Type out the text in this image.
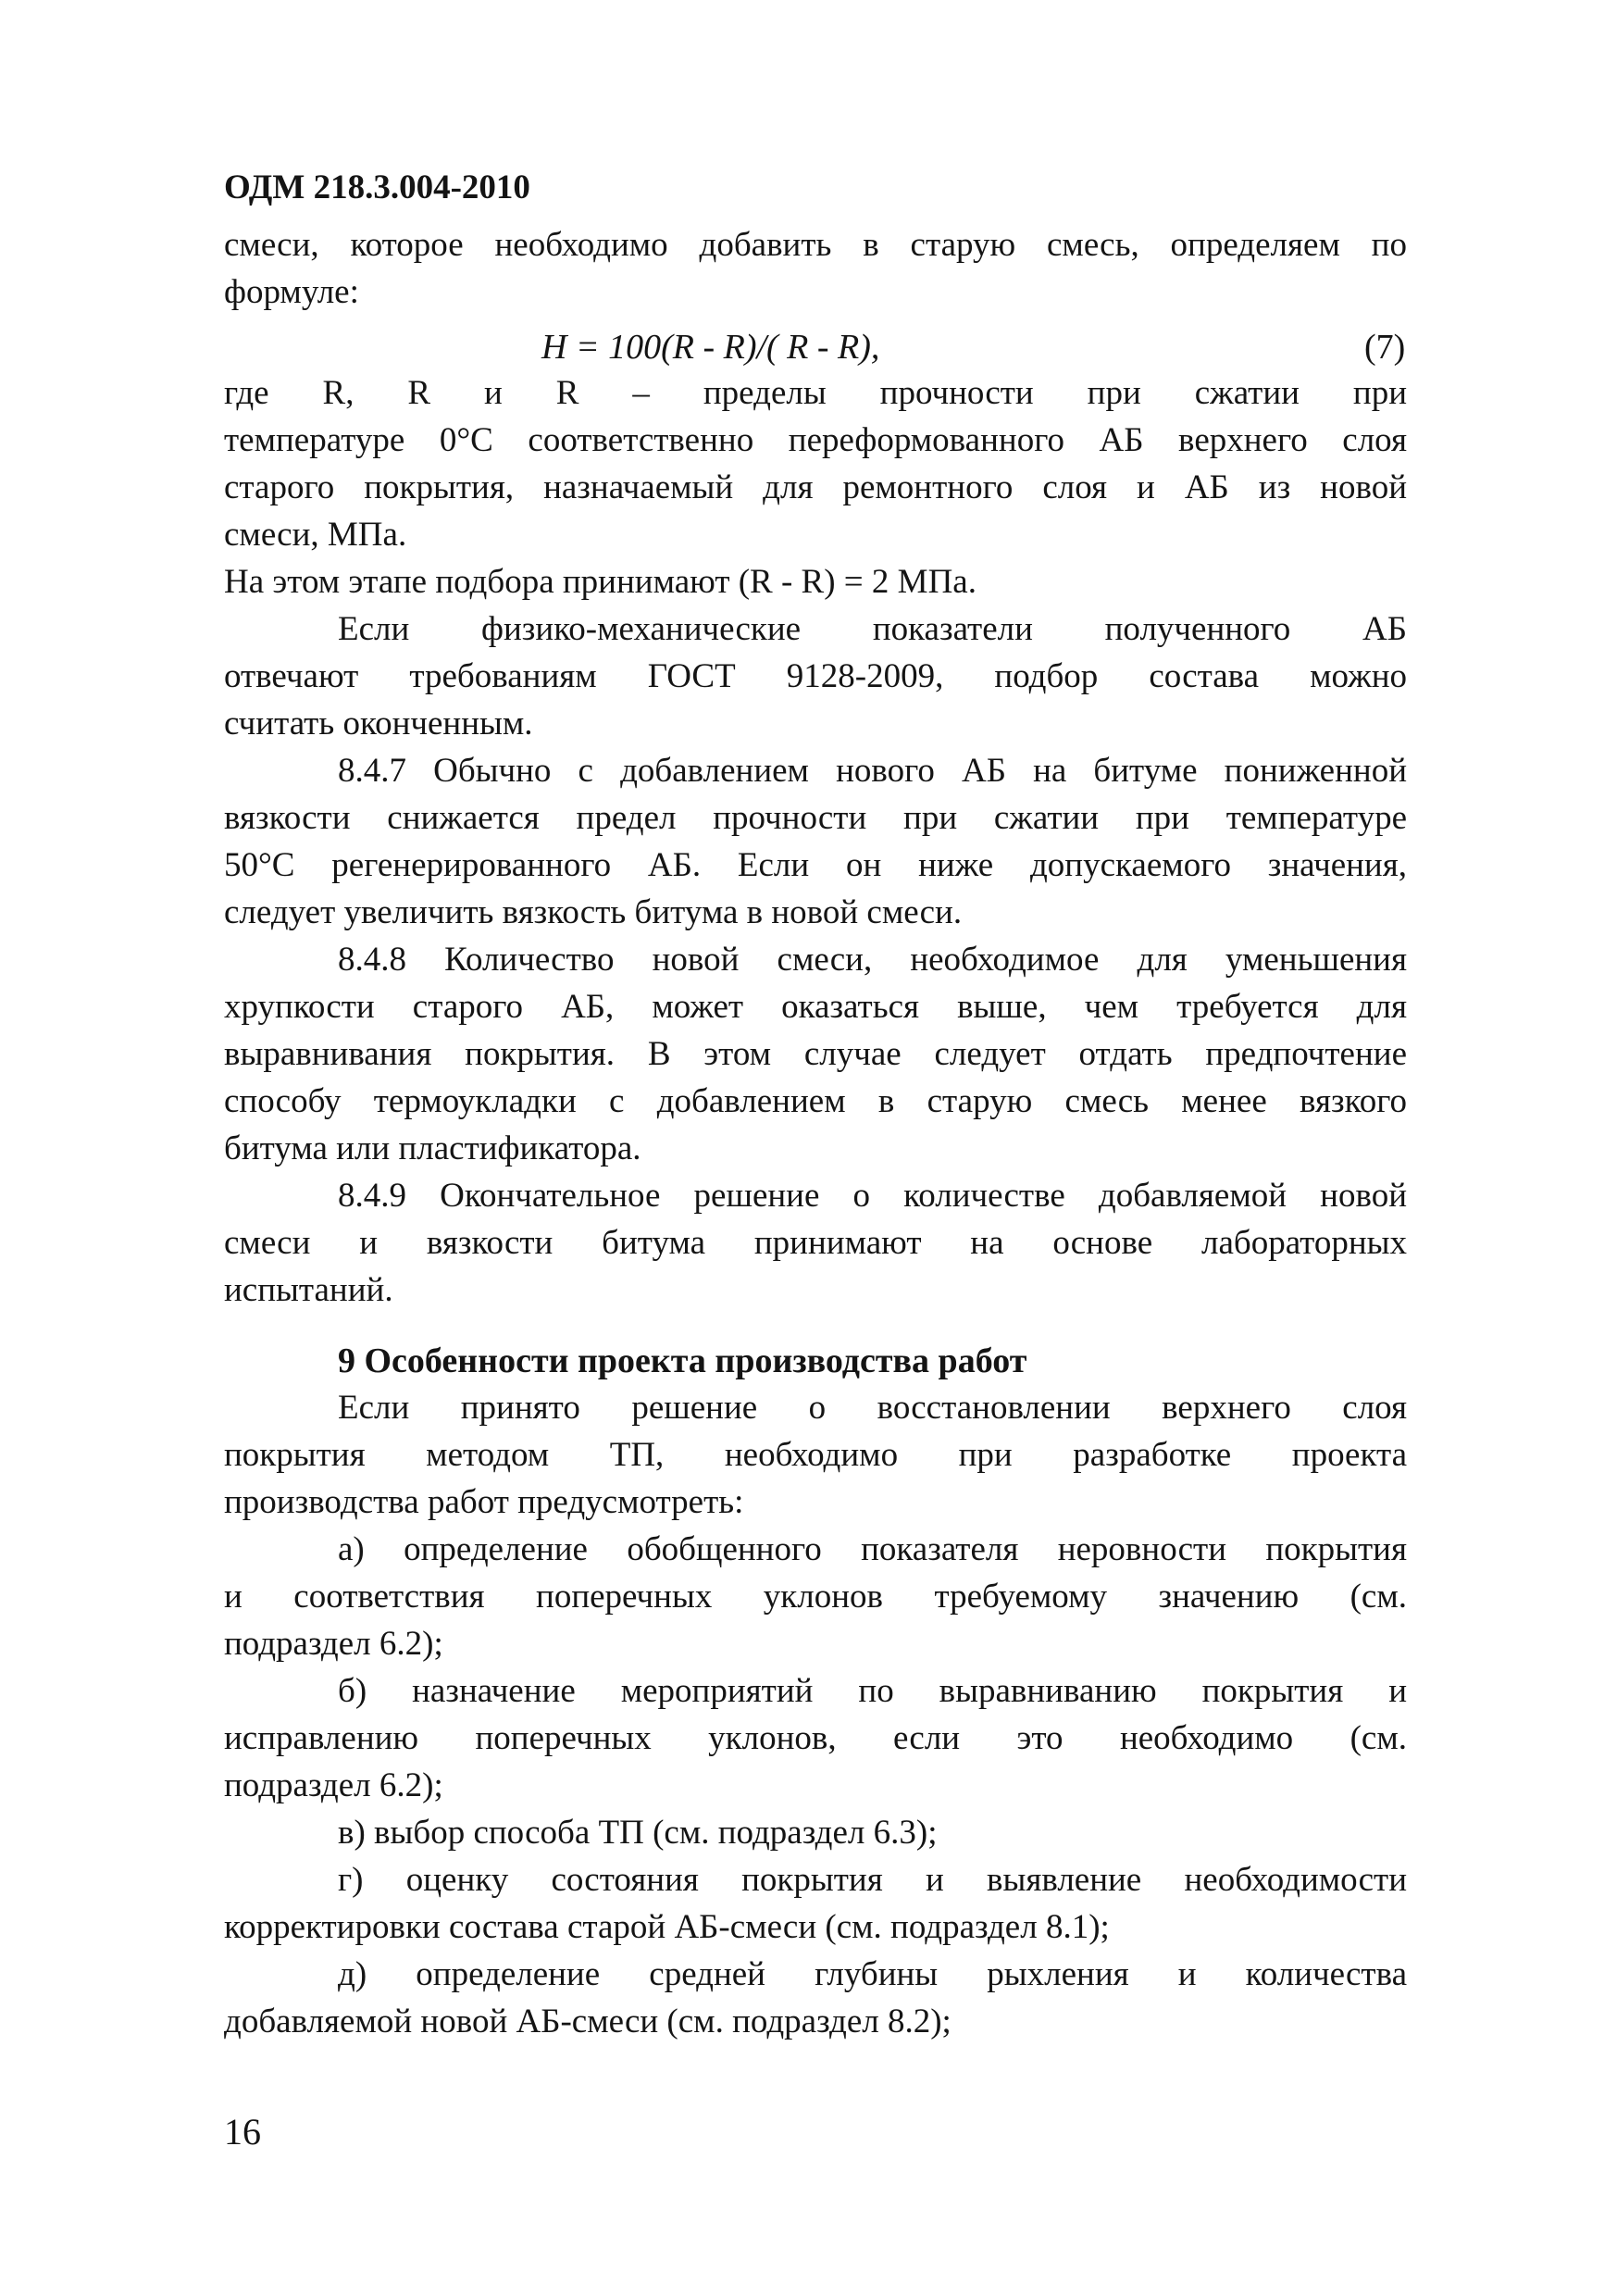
ОДМ 218.3.004-2010
смеси, которое необходимо добавить в старую смесь, определяем по
формуле:
H = 100(R - R)/( R - R),	(7)
где R, R и R – пределы прочности при сжатии при
температуре 0°С соответственно переформованного АБ верхнего слоя
старого покрытия, назначаемый для ремонтного слоя и АБ из новой
смеси, МПа.
На этом этапе подбора принимают (R - R) = 2 МПа.
Если физико-механические показатели полученного АБ
отвечают требованиям ГОСТ 9128-2009, подбор состава можно
считать оконченным.
8.4.7 Обычно с добавлением нового АБ на битуме пониженной
вязкости снижается предел прочности при сжатии при температуре
50°С регенерированного АБ. Если он ниже допускаемого значения,
следует увеличить вязкость битума в новой смеси.
8.4.8 Количество новой смеси, необходимое для уменьшения
хрупкости старого АБ, может оказаться выше, чем требуется для
выравнивания покрытия. В этом случае следует отдать предпочтение
способу термоукладки с добавлением в старую смесь менее вязкого
битума или пластификатора.
8.4.9 Окончательное решение о количестве добавляемой новой
смеси и вязкости битума принимают на основе лабораторных
испытаний.
9 Особенности проекта производства работ
Если принято решение о восстановлении верхнего слоя
покрытия методом ТП, необходимо при разработке проекта
производства работ предусмотреть:
а) определение обобщенного показателя неровности покрытия
и соответствия поперечных уклонов требуемому значению (см.
подраздел 6.2);
б) назначение мероприятий по выравниванию покрытия и
исправлению поперечных уклонов, если это необходимо (см.
подраздел 6.2);
в) выбор способа ТП (см. подраздел 6.3);
г) оценку состояния покрытия и выявление необходимости
корректировки состава старой АБ-смеси (см. подраздел 8.1);
д) определение средней глубины рыхления и количества
добавляемой новой АБ-смеси (см. подраздел 8.2);
16
